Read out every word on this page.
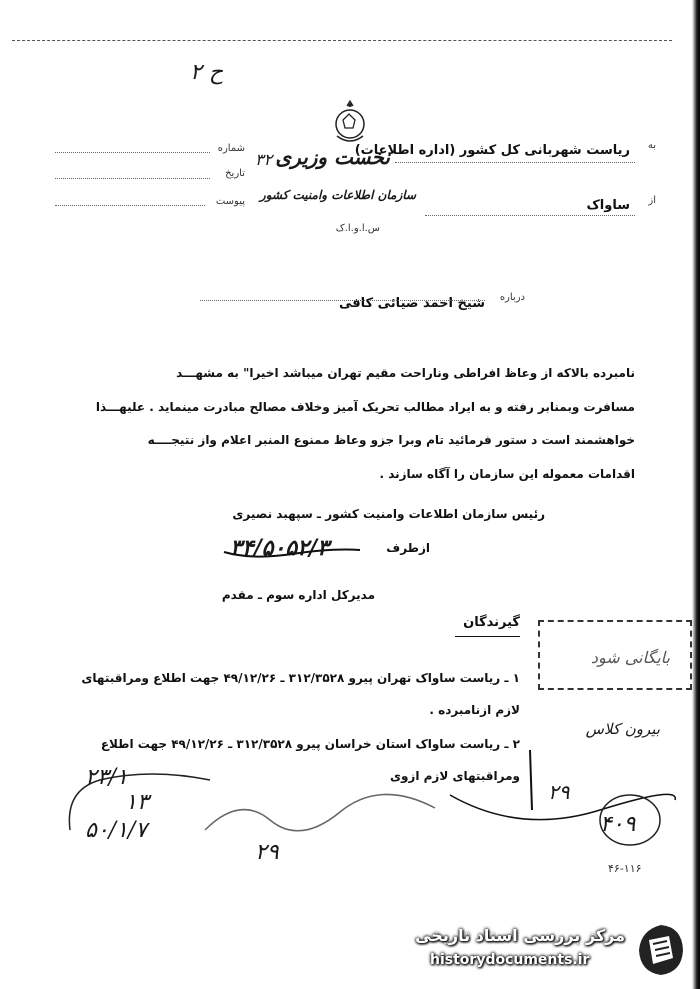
ح ۲
شماره
تاریخ
۳۲۰
پیوست
نخست وزیری
سازمان اطلاعات وامنیت کشور
س.ا.و.ا.ک
به
ریاست شهربانی کل کشور (اداره اطلاعات)
از
ساواک
درباره
شیخ احمد ضیائی کافی
نامبرده بالاکه از وعاظ افراطی وناراحت مقیم تهران میباشد اخیرا" به مشهـــد
مسافرت وبمنابر رفته و به ایراد مطالب تحریک آمیز وخلاف مصالح مبادرت مینماید . علیهـــذا
خواهشمند است د ستور فرمائید تام وبرا جزو وعاظ ممنوع المنبر اعلام واز نتیجــــه
اقدامات معموله این سازمان را آگاه سازند .
رئیس سازمان اطلاعات وامنیت کشور ـ سپهبد نصیری
ازطرف
۳۴/۵۰۵۲/۳
مدیرکل اداره سوم ـ مقدم
بایگانی شود
گیرندگان
۱ ـ ریاست ساواک تهران پیرو ۳۱۲/۳۵۲۸ ـ ۴۹/۱۲/۲۶ جهت اطلاع ومراقبتهای لازم ازنامبرده .
۲ ـ ریاست ساواک استان خراسان پیرو ۳۱۲/۳۵۲۸ ـ ۴۹/۱۲/۲۶ جهت اطلاع ومراقبتهای لازم ازوی
۲۳/۱
۱۳
۵۰/۱/۷
۲۹
بیرون کلاس
۲۹
۴۰۹
۴۶-۱۱۶
مرکز بررسی اسناد تاریخی
historydocuments.ir
